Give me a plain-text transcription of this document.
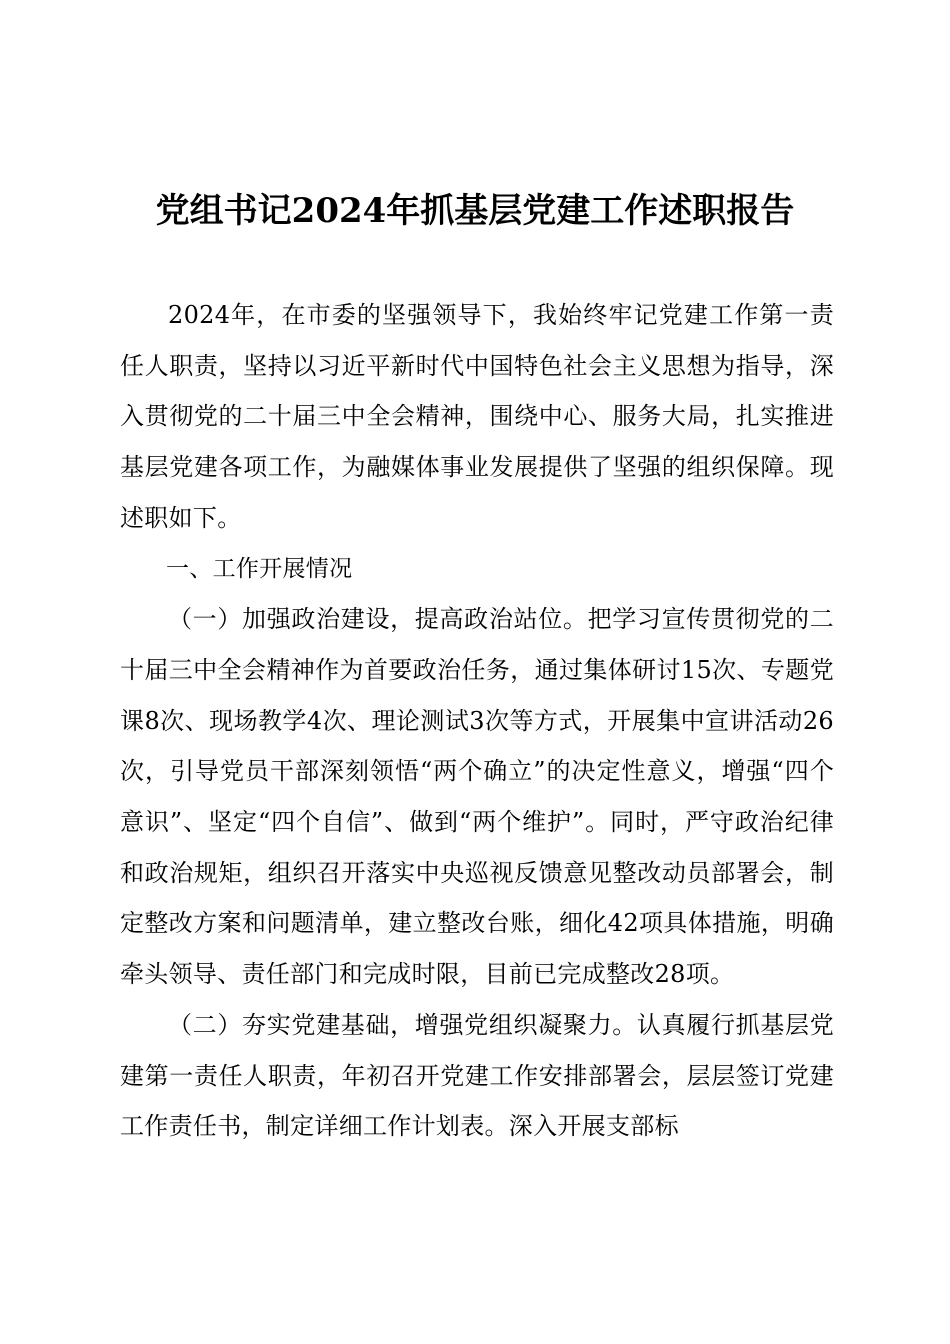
党组书记2024年抓基层党建工作述职报告

2024年，在市委的坚强领导下，我始终牢记党建工作第一责任人职责，坚持以习近平新时代中国特色社会主义思想为指导，深入贯彻党的二十届三中全会精神，围绕中心、服务大局，扎实推进基层党建各项工作，为融媒体事业发展提供了坚强的组织保障。现述职如下。

一、工作开展情况

（一）加强政治建设，提高政治站位。把学习宣传贯彻党的二十届三中全会精神作为首要政治任务，通过集体研讨15次、专题党课8次、现场教学4次、理论测试3次等方式，开展集中宣讲活动26次，引导党员干部深刻领悟“两个确立”的决定性意义，增强“四个意识”、坚定“四个自信”、做到“两个维护”。同时，严守政治纪律和政治规矩，组织召开落实中央巡视反馈意见整改动员部署会，制定整改方案和问题清单，建立整改台账，细化42项具体措施，明确牵头领导、责任部门和完成时限，目前已完成整改28项。

（二）夯实党建基础，增强党组织凝聚力。认真履行抓基层党建第一责任人职责，年初召开党建工作安排部署会，层层签订党建工作责任书，制定详细工作计划表。深入开展支部标
